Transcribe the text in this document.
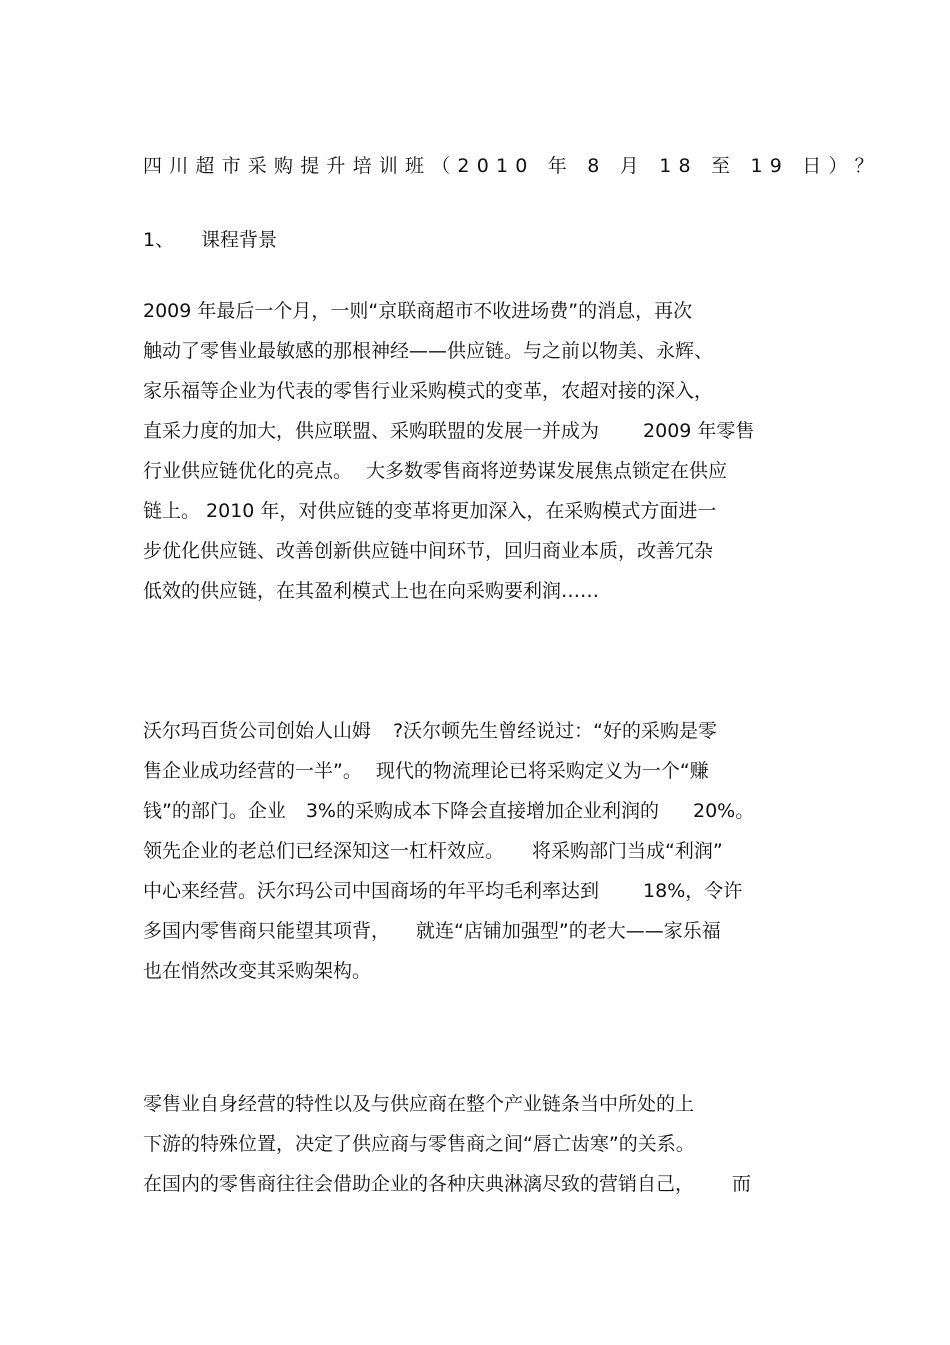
四川超市采购提升培训班（2010 年 8 月 18 至 19 日）？
1、 课程背景
2009 年最后一个月，一则“京联商超市不收进场费”的消息，再次
触动了零售业最敏感的那根神经——供应链。与之前以物美、永辉、
家乐福等企业为代表的零售行业采购模式的变革，农超对接的深入，
直采力度的加大，供应联盟、采购联盟的发展一并成为 2009 年零售
行业供应链优化的亮点。 大多数零售商将逆势谋发展焦点锁定在供应
链上。 2010 年，对供应链的变革将更加深入，在采购模式方面进一
步优化供应链、改善创新供应链中间环节，回归商业本质，改善冗杂
低效的供应链，在其盈利模式上也在向采购要利润……
沃尔玛百货公司创始人山姆 ?沃尔顿先生曾经说过：“好的采购是零
售企业成功经营的一半”。 现代的物流理论已将采购定义为一个“赚
钱”的部门。企业 3%的采购成本下降会直接增加企业利润的 20%。
领先企业的老总们已经深知这一杠杆效应。 将采购部门当成“利润”
中心来经营。沃尔玛公司中国商场的年平均毛利率达到 18%，令许
多国内零售商只能望其项背， 就连“店铺加强型”的老大——家乐福
也在悄然改变其采购架构。
零售业自身经营的特性以及与供应商在整个产业链条当中所处的上
下游的特殊位置，决定了供应商与零售商之间“唇亡齿寒”的关系。
在国内的零售商往往会借助企业的各种庆典淋漓尽致的营销自己， 而
